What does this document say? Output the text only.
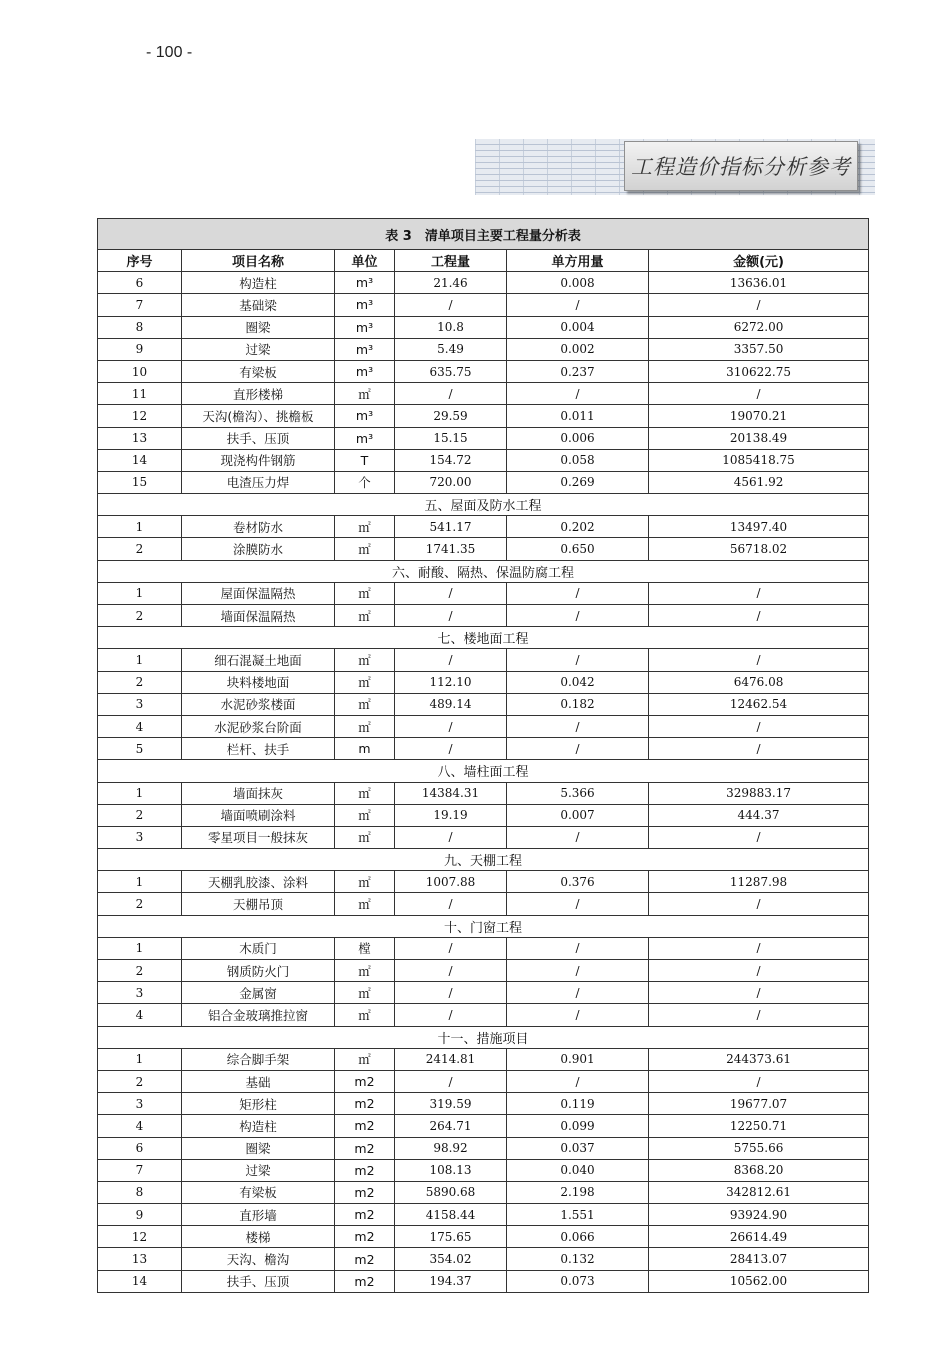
- 100 -
工程造价指标分析参考
表 3　清单项目主要工程量分析表					
序号	项目名称	单位	工程量	单方用量	金额(元)
6	构造柱	m³	21.46	0.008	13636.01
7	基础梁	m³	/	/	/
8	圈梁	m³	10.8	0.004	6272.00
9	过梁	m³	5.49	0.002	3357.50
10	有梁板	m³	635.75	0.237	310622.75
11	直形楼梯	㎡	/	/	/
12	天沟(檐沟）、挑檐板	m³	29.59	0.011	19070.21
13	扶手、压顶	m³	15.15	0.006	20138.49
14	现浇构件钢筋	T	154.72	0.058	1085418.75
15	电渣压力焊	个	720.00	0.269	4561.92
五、屋面及防水工程					
1	卷材防水	㎡	541.17	0.202	13497.40
2	涂膜防水	㎡	1741.35	0.650	56718.02
六、耐酸、隔热、保温防腐工程					
1	屋面保温隔热	㎡	/	/	/
2	墙面保温隔热	㎡	/	/	/
七、楼地面工程					
1	细石混凝土地面	㎡	/	/	/
2	块料楼地面	㎡	112.10	0.042	6476.08
3	水泥砂浆楼面	㎡	489.14	0.182	12462.54
4	水泥砂浆台阶面	㎡	/	/	/
5	栏杆、扶手	m	/	/	/
八、墙柱面工程					
1	墙面抹灰	㎡	14384.31	5.366	329883.17
2	墙面喷刷涂料	㎡	19.19	0.007	444.37
3	零星项目一般抹灰	㎡	/	/	/
九、天棚工程					
1	天棚乳胶漆、涂料	㎡	1007.88	0.376	11287.98
2	天棚吊顶	㎡	/	/	/
十、门窗工程					
1	木质门	樘	/	/	/
2	钢质防火门	㎡	/	/	/
3	金属窗	㎡	/	/	/
4	铝合金玻璃推拉窗	㎡	/	/	/
十一、措施项目					
1	综合脚手架	㎡	2414.81	0.901	244373.61
2	基础	m2	/	/	/
3	矩形柱	m2	319.59	0.119	19677.07
4	构造柱	m2	264.71	0.099	12250.71
6	圈梁	m2	98.92	0.037	5755.66
7	过梁	m2	108.13	0.040	8368.20
8	有梁板	m2	5890.68	2.198	342812.61
9	直形墙	m2	4158.44	1.551	93924.90
12	楼梯	m2	175.65	0.066	26614.49
13	天沟、檐沟	m2	354.02	0.132	28413.07
14	扶手、压顶	m2	194.37	0.073	10562.00
